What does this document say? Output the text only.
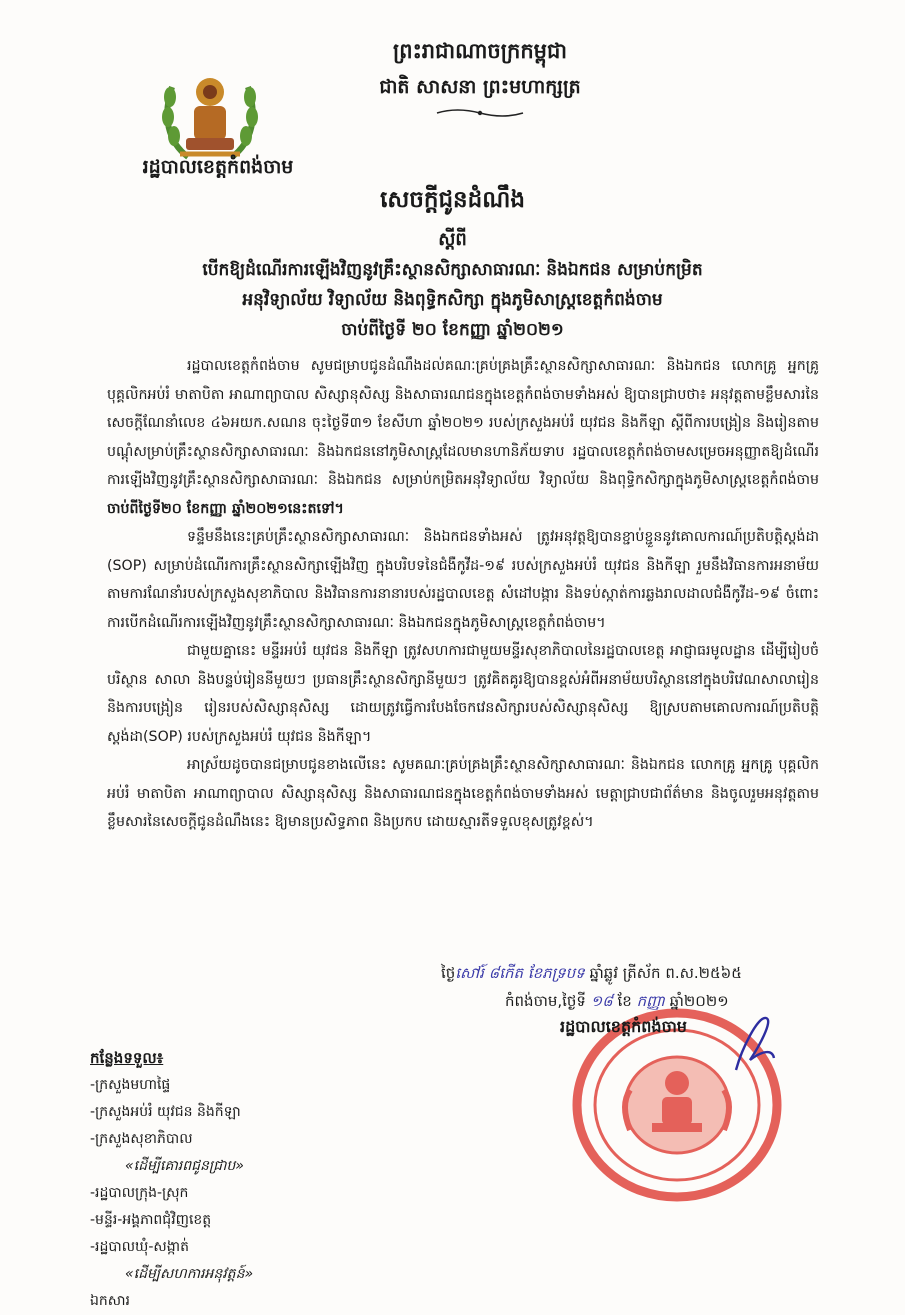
រដ្ឋបាលខេត្តកំពង់ចាម
ព្រះរាជាណាចក្រកម្ពុជា
ជាតិ សាសនា ព្រះមហាក្សត្រ
សេចក្តីជូនដំណឹង
ស្តីពី
បើកឱ្យដំណើរការឡើងវិញនូវគ្រឹះស្ថានសិក្សាសាធារណៈ និងឯកជន សម្រាប់កម្រិត
អនុវិទ្យាល័យ វិទ្យាល័យ និងពុទ្ធិកសិក្សា ក្នុងភូមិសាស្ត្រខេត្តកំពង់ចាម
ចាប់ពីថ្ងៃទី ២០ ខែកញ្ញា ឆ្នាំ២០២១

រដ្ឋបាលខេត្តកំពង់ចាម សូមជម្រាបជូនដំណឹងដល់គណៈគ្រប់គ្រងគ្រឹះស្ថានសិក្សាសាធារណៈ និងឯកជន លោកគ្រូ អ្នកគ្រូ បុគ្គលិកអប់រំ មាតាបិតា អាណាព្យាបាល សិស្សានុសិស្ស និងសាធារណជនក្នុងខេត្តកំពង់ចាមទាំងអស់ ឱ្យបានជ្រាបថា៖ អនុវត្តតាមខ្លឹមសារនៃសេចក្តីណែនាំលេខ ៤៦អយក.សណន ចុះថ្ងៃទី៣១ ខែសីហា ឆ្នាំ២០២១ របស់ក្រសួងអប់រំ យុវជន និងកីឡា ស្តីពីការបង្រៀន និងរៀនតាមបណ្តុំសម្រាប់គ្រឹះស្ថានសិក្សាសាធារណៈ និងឯកជននៅភូមិសាស្ត្រដែលមានហានិភ័យទាប រដ្ឋបាលខេត្តកំពង់ចាមសម្រេចអនុញ្ញាតឱ្យដំណើរការឡើងវិញនូវគ្រឹះស្ថានសិក្សាសាធារណៈ និងឯកជន សម្រាប់កម្រិតអនុវិទ្យាល័យ វិទ្យាល័យ និងពុទ្ធិកសិក្សាក្នុងភូមិសាស្ត្រខេត្តកំពង់ចាម ចាប់ពីថ្ងៃទី២០ ខែកញ្ញា ឆ្នាំ២០២១នេះតទៅ។

ទន្ទឹមនឹងនេះគ្រប់គ្រឹះស្ថានសិក្សាសាធារណៈ និងឯកជនទាំងអស់ ត្រូវអនុវត្តឱ្យបានខ្ជាប់ខ្ជួននូវគោលការណ៍ប្រតិបត្តិស្តង់ដា (SOP) សម្រាប់ដំណើរការគ្រឹះស្ថានសិក្សាឡើងវិញ ក្នុងបរិបទនៃជំងឺកូវីដ-១៩ របស់ក្រសួងអប់រំ យុវជន និងកីឡា រួមនឹងវិធានការអនាម័យតាមការណែនាំរបស់ក្រសួងសុខាភិបាល និងវិធានការនានារបស់រដ្ឋបាលខេត្ត សំដៅបង្ការ និងទប់ស្កាត់ការឆ្លងរាលដាលជំងឺកូវីដ-១៩ ចំពោះការបើកដំណើរការឡើងវិញនូវគ្រឹះស្ថានសិក្សាសាធារណៈ និងឯកជនក្នុងភូមិសាស្ត្រខេត្តកំពង់ចាម។

ជាមួយគ្នានេះ មន្ទីរអប់រំ យុវជន និងកីឡា ត្រូវសហការជាមួយមន្ទីរសុខាភិបាលនៃរដ្ឋបាលខេត្ត អាជ្ញាធរមូលដ្ឋាន ដើម្បីរៀបចំបរិស្ថាន សាលា និងបន្ទប់រៀននីមួយៗ ប្រធានគ្រឹះស្ថានសិក្សានីមួយៗ ត្រូវគិតគូរឱ្យបានខ្ពស់អំពីអនាម័យបរិស្ថាននៅក្នុងបរិវេណសាលារៀន និងការបង្រៀន រៀនរបស់សិស្សានុសិស្ស ដោយត្រូវធ្វើការបែងចែកវេនសិក្សារបស់សិស្សានុសិស្ស ឱ្យស្របតាមគោលការណ៍ប្រតិបត្តិស្តង់ដា(SOP) របស់ក្រសួងអប់រំ យុវជន និងកីឡា។

អាស្រ័យដូចបានជម្រាបជូនខាងលើនេះ សូមគណៈគ្រប់គ្រងគ្រឹះស្ថានសិក្សាសាធារណៈ និងឯកជន លោកគ្រូ អ្នកគ្រូ បុគ្គលិកអប់រំ មាតាបិតា អាណាព្យាបាល សិស្សានុសិស្ស និងសាធារណជនក្នុងខេត្តកំពង់ចាមទាំងអស់ មេត្តាជ្រាបជាព័ត៌មាន និងចូលរួមអនុវត្តតាមខ្លឹមសារនៃសេចក្តីជូនដំណឹងនេះ ឱ្យមានប្រសិទ្ធភាព និងប្រកប ដោយស្មារតីទទួលខុសត្រូវខ្ពស់។

ថ្ងៃសៅរ៍ ៨កើត ខែភទ្របទ ឆ្នាំឆ្លូវ ត្រីស័ក ព.ស.២៥៦៥
កំពង់ចាម,ថ្ងៃទី ១៨ ខែ កញ្ញា ឆ្នាំ២០២១
រដ្ឋបាលខេត្តកំពង់ចាម
កន្លែងទទួល៖
-ក្រសួងមហាផ្ទៃ
-ក្រសួងអប់រំ យុវជន និងកីឡា
-ក្រសួងសុខាភិបាល
«ដើម្បីគោរពជូនជ្រាប»
-រដ្ឋបាលក្រុង-ស្រុក
-មន្ទីរ-អង្គភាពជុំវិញខេត្ត
-រដ្ឋបាលឃុំ-សង្កាត់
«ដើម្បីសហការអនុវត្តន៍»
ឯកសារ
